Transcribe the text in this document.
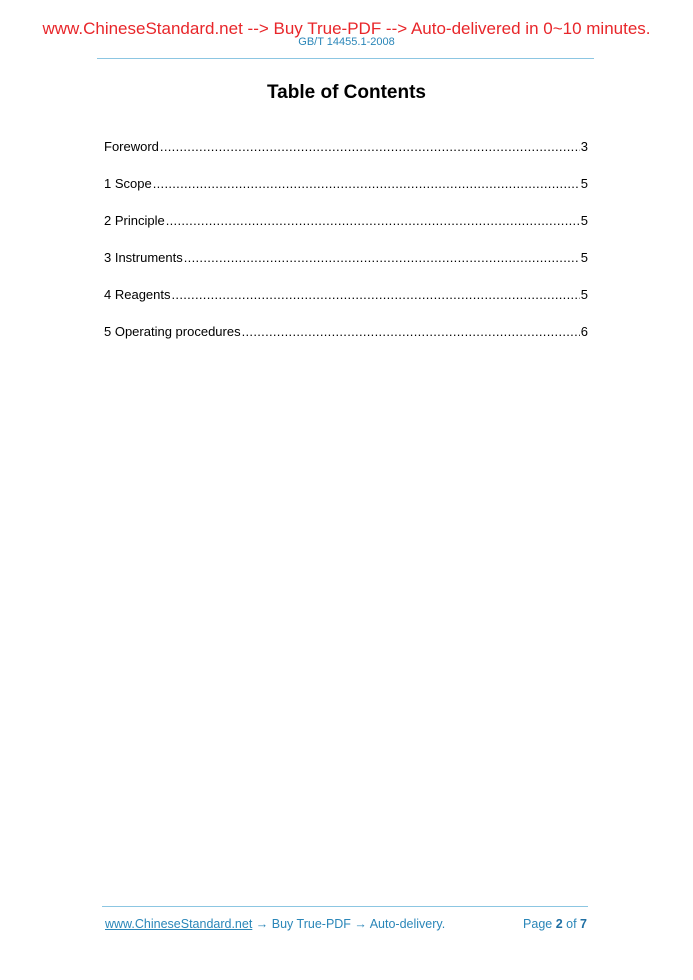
www.ChineseStandard.net --> Buy True-PDF --> Auto-delivered in 0~10 minutes.
GB/T 14455.1-2008
Table of Contents
Foreword .....	3
1 Scope .....	5
2 Principle .....	5
3 Instruments .....	5
4 Reagents .....	5
5 Operating procedures .....	6
www.ChineseStandard.net → Buy True-PDF → Auto-delivery.	Page 2 of 7
